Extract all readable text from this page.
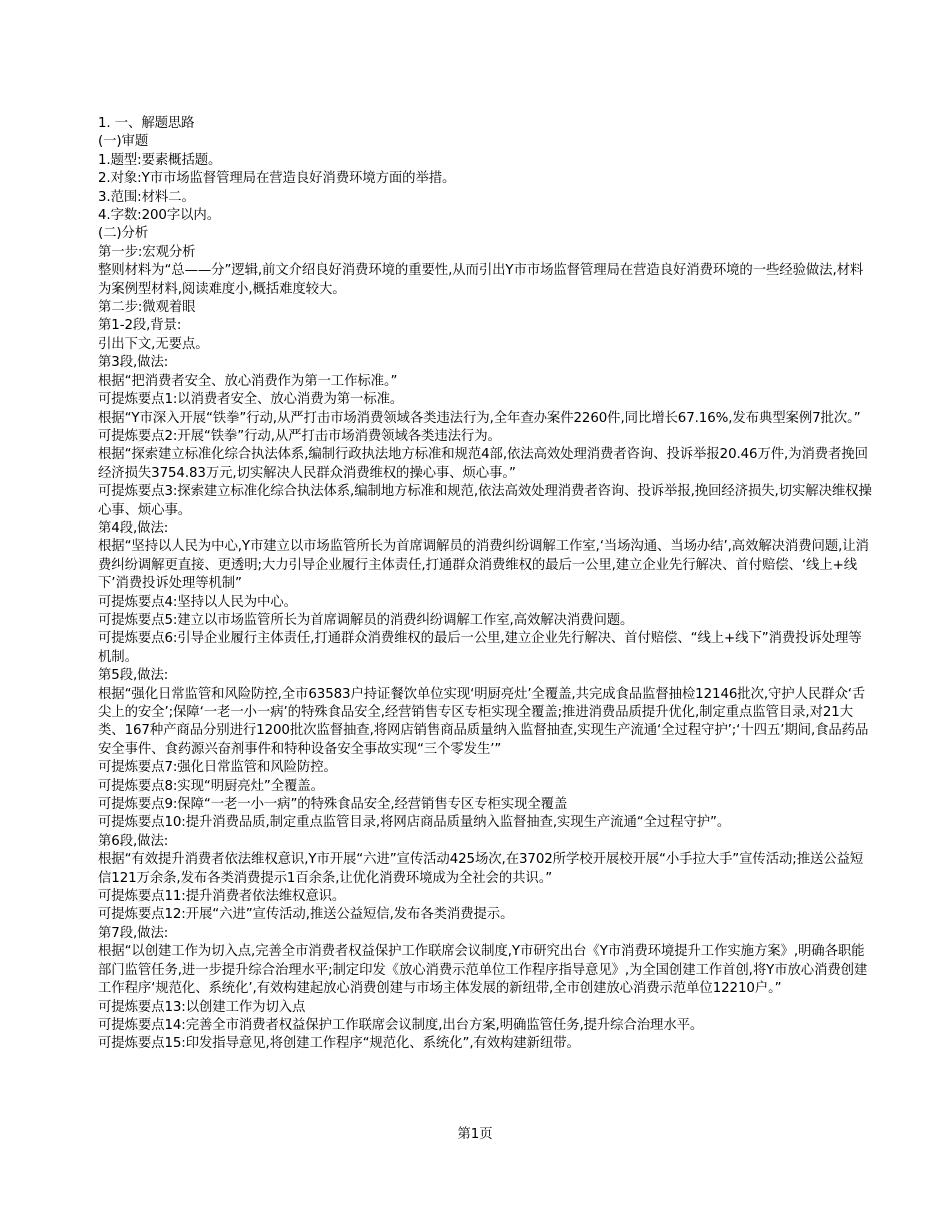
1. 一、解题思路

(一)审题

1.题型:要素概括题。

2.对象:Y市市场监督管理局在营造良好消费环境方面的举措。

3.范围:材料二。

4.字数:200字以内。

(二)分析

第一步:宏观分析

整则材料为“总——分”逻辑,前文介绍良好消费环境的重要性,从而引出Y市市场监督管理局在营造良好消费环境的一些经验做法,材料为案例型材料,阅读难度小,概括难度较大。

第二步:微观着眼

第1-2段,背景:

引出下文,无要点。

第3段,做法:

根据“把消费者安全、放心消费作为第一工作标准。”

可提炼要点1:以消费者安全、放心消费为第一标准。

根据“Y市深入开展“铁拳”行动,从严打击市场消费领域各类违法行为,全年查办案件2260件,同比增长67.16%,发布典型案例7批次。”

可提炼要点2:开展“铁拳”行动,从严打击市场消费领域各类违法行为。

根据“探索建立标准化综合执法体系,编制行政执法地方标准和规范4部,依法高效处理消费者咨询、投诉举报20.46万件,为消费者挽回经济损失3754.83万元,切实解决人民群众消费维权的操心事、烦心事。”

可提炼要点3:探索建立标准化综合执法体系,编制地方标准和规范,依法高效处理消费者咨询、投诉举报,挽回经济损失,切实解决维权操心事、烦心事。

第4段,做法:

根据“坚持以人民为中心,Y市建立以市场监管所长为首席调解员的消费纠纷调解工作室,‘当场沟通、当场办结’,高效解决消费问题,让消费纠纷调解更直接、更透明;大力引导企业履行主体责任,打通群众消费维权的最后一公里,建立企业先行解决、首付赔偿、‘线上+线下’消费投诉处理等机制”

可提炼要点4:坚持以人民为中心。

可提炼要点5:建立以市场监管所长为首席调解员的消费纠纷调解工作室,高效解决消费问题。

可提炼要点6:引导企业履行主体责任,打通群众消费维权的最后一公里,建立企业先行解决、首付赔偿、“线上+线下”消费投诉处理等机制。

第5段,做法:

根据“强化日常监管和风险防控,全市63583户持证餐饮单位实现‘明厨亮灶’全覆盖,共完成食品监督抽检12146批次,守护人民群众‘舌尖上的安全’;保障‘一老一小一病’的特殊食品安全,经营销售专区专柜实现全覆盖;推进消费品质提升优化,制定重点监管目录,对21大类、167种产商品分别进行1200批次监督抽查,将网店销售商品质量纳入监督抽查,实现生产流通‘全过程守护’;‘十四五’期间,食品药品安全事件、食药源兴奋剂事件和特种设备安全事故实现“三个零发生’”

可提炼要点7:强化日常监管和风险防控。

可提炼要点8:实现“明厨亮灶”全覆盖。

可提炼要点9:保障“一老一小一病”的特殊食品安全,经营销售专区专柜实现全覆盖

可提炼要点10:提升消费品质,制定重点监管目录,将网店商品质量纳入监督抽查,实现生产流通“全过程守护”。

第6段,做法:

根据“有效提升消费者依法维权意识,Y市开展“六进”宣传活动425场次,在3702所学校开展校开展“小手拉大手”宣传活动;推送公益短信121万余条,发布各类消费提示1百余条,让优化消费环境成为全社会的共识。”

可提炼要点11:提升消费者依法维权意识。

可提炼要点12:开展“六进”宣传活动,推送公益短信,发布各类消费提示。

第7段,做法:

根据“以创建工作为切入点,完善全市消费者权益保护工作联席会议制度,Y市研究出台《Y市消费环境提升工作实施方案》,明确各职能部门监管任务,进一步提升综合治理水平;制定印发《放心消费示范单位工作程序指导意见》,为全国创建工作首创,将Y市放心消费创建工作程序‘规范化、系统化’,有效构建起放心消费创建与市场主体发展的新纽带,全市创建放心消费示范单位12210户。”

可提炼要点13:以创建工作为切入点

可提炼要点14:完善全市消费者权益保护工作联席会议制度,出台方案,明确监管任务,提升综合治理水平。

可提炼要点15:印发指导意见,将创建工作程序“规范化、系统化”,有效构建新纽带。

第1页
